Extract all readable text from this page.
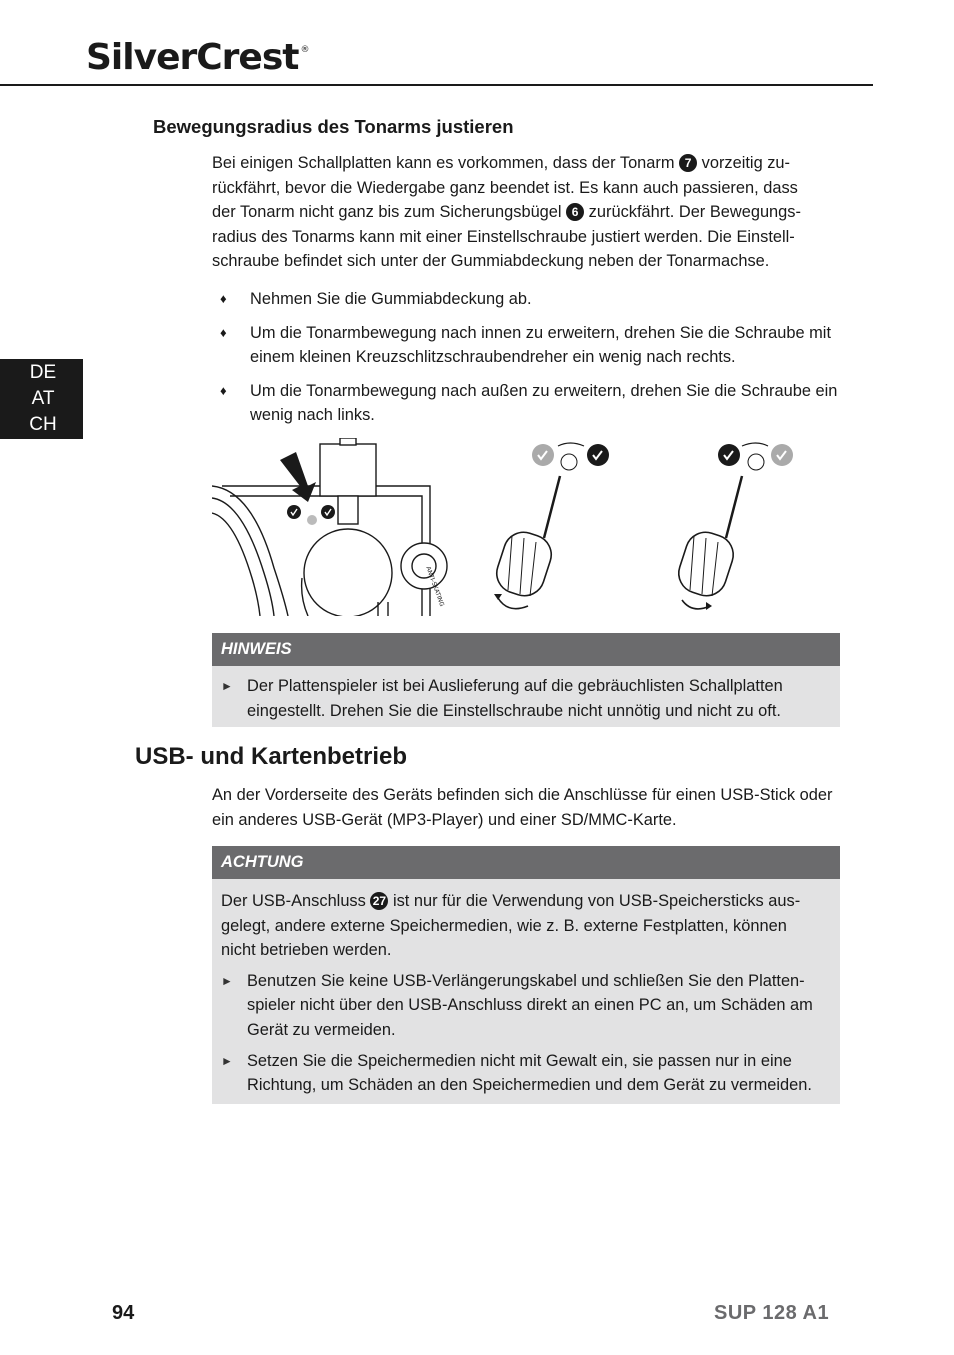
SilverCrest ®
DE
AT
CH
Bewegungsradius des Tonarms justieren
Bei einigen Schallplatten kann es vorkommen, dass der Tonarm 7 vorzeitig zu-
rückfährt, bevor die Wiedergabe ganz beendet ist. Es kann auch passieren, dass
der Tonarm nicht ganz bis zum Sicherungsbügel 6 zurückfährt. Der Bewegungs-
radius des Tonarms kann mit einer Einstellschraube justiert werden. Die Einstell-
schraube befindet sich unter der Gummiabdeckung neben der Tonarmachse.
♦ Nehmen Sie die Gummiabdeckung ab.
♦ Um die Tonarmbewegung nach innen zu erweitern, drehen Sie die Schraube mit einem kleinen Kreuzschlitzschraubendreher ein wenig nach rechts.
♦ Um die Tonarmbewegung nach außen zu erweitern, drehen Sie die Schraube ein wenig nach links.
ANTI-SKATING
HINWEIS
► Der Plattenspieler ist bei Auslieferung auf die gebräuchlisten Schallplatten eingestellt. Drehen Sie die Einstellschraube nicht unnötig und nicht zu oft.
USB- und Kartenbetrieb
An der Vorderseite des Geräts befinden sich die Anschlüsse für einen USB-Stick oder ein anderes USB-Gerät (MP3-Player) und einer SD/MMC-Karte.
ACHTUNG
Der USB-Anschluss 27 ist nur für die Verwendung von USB-Speichersticks aus-
gelegt, andere externe Speichermedien, wie z. B. externe Festplatten, können
nicht betrieben werden.
► Benutzen Sie keine USB-Verlängerungskabel und schließen Sie den Platten-spieler nicht über den USB-Anschluss direkt an einen PC an, um Schäden am Gerät zu vermeiden.
► Setzen Sie die Speichermedien nicht mit Gewalt ein, sie passen nur in eine Richtung, um Schäden an den Speichermedien und dem Gerät zu vermeiden.
94	SUP 128 A1
